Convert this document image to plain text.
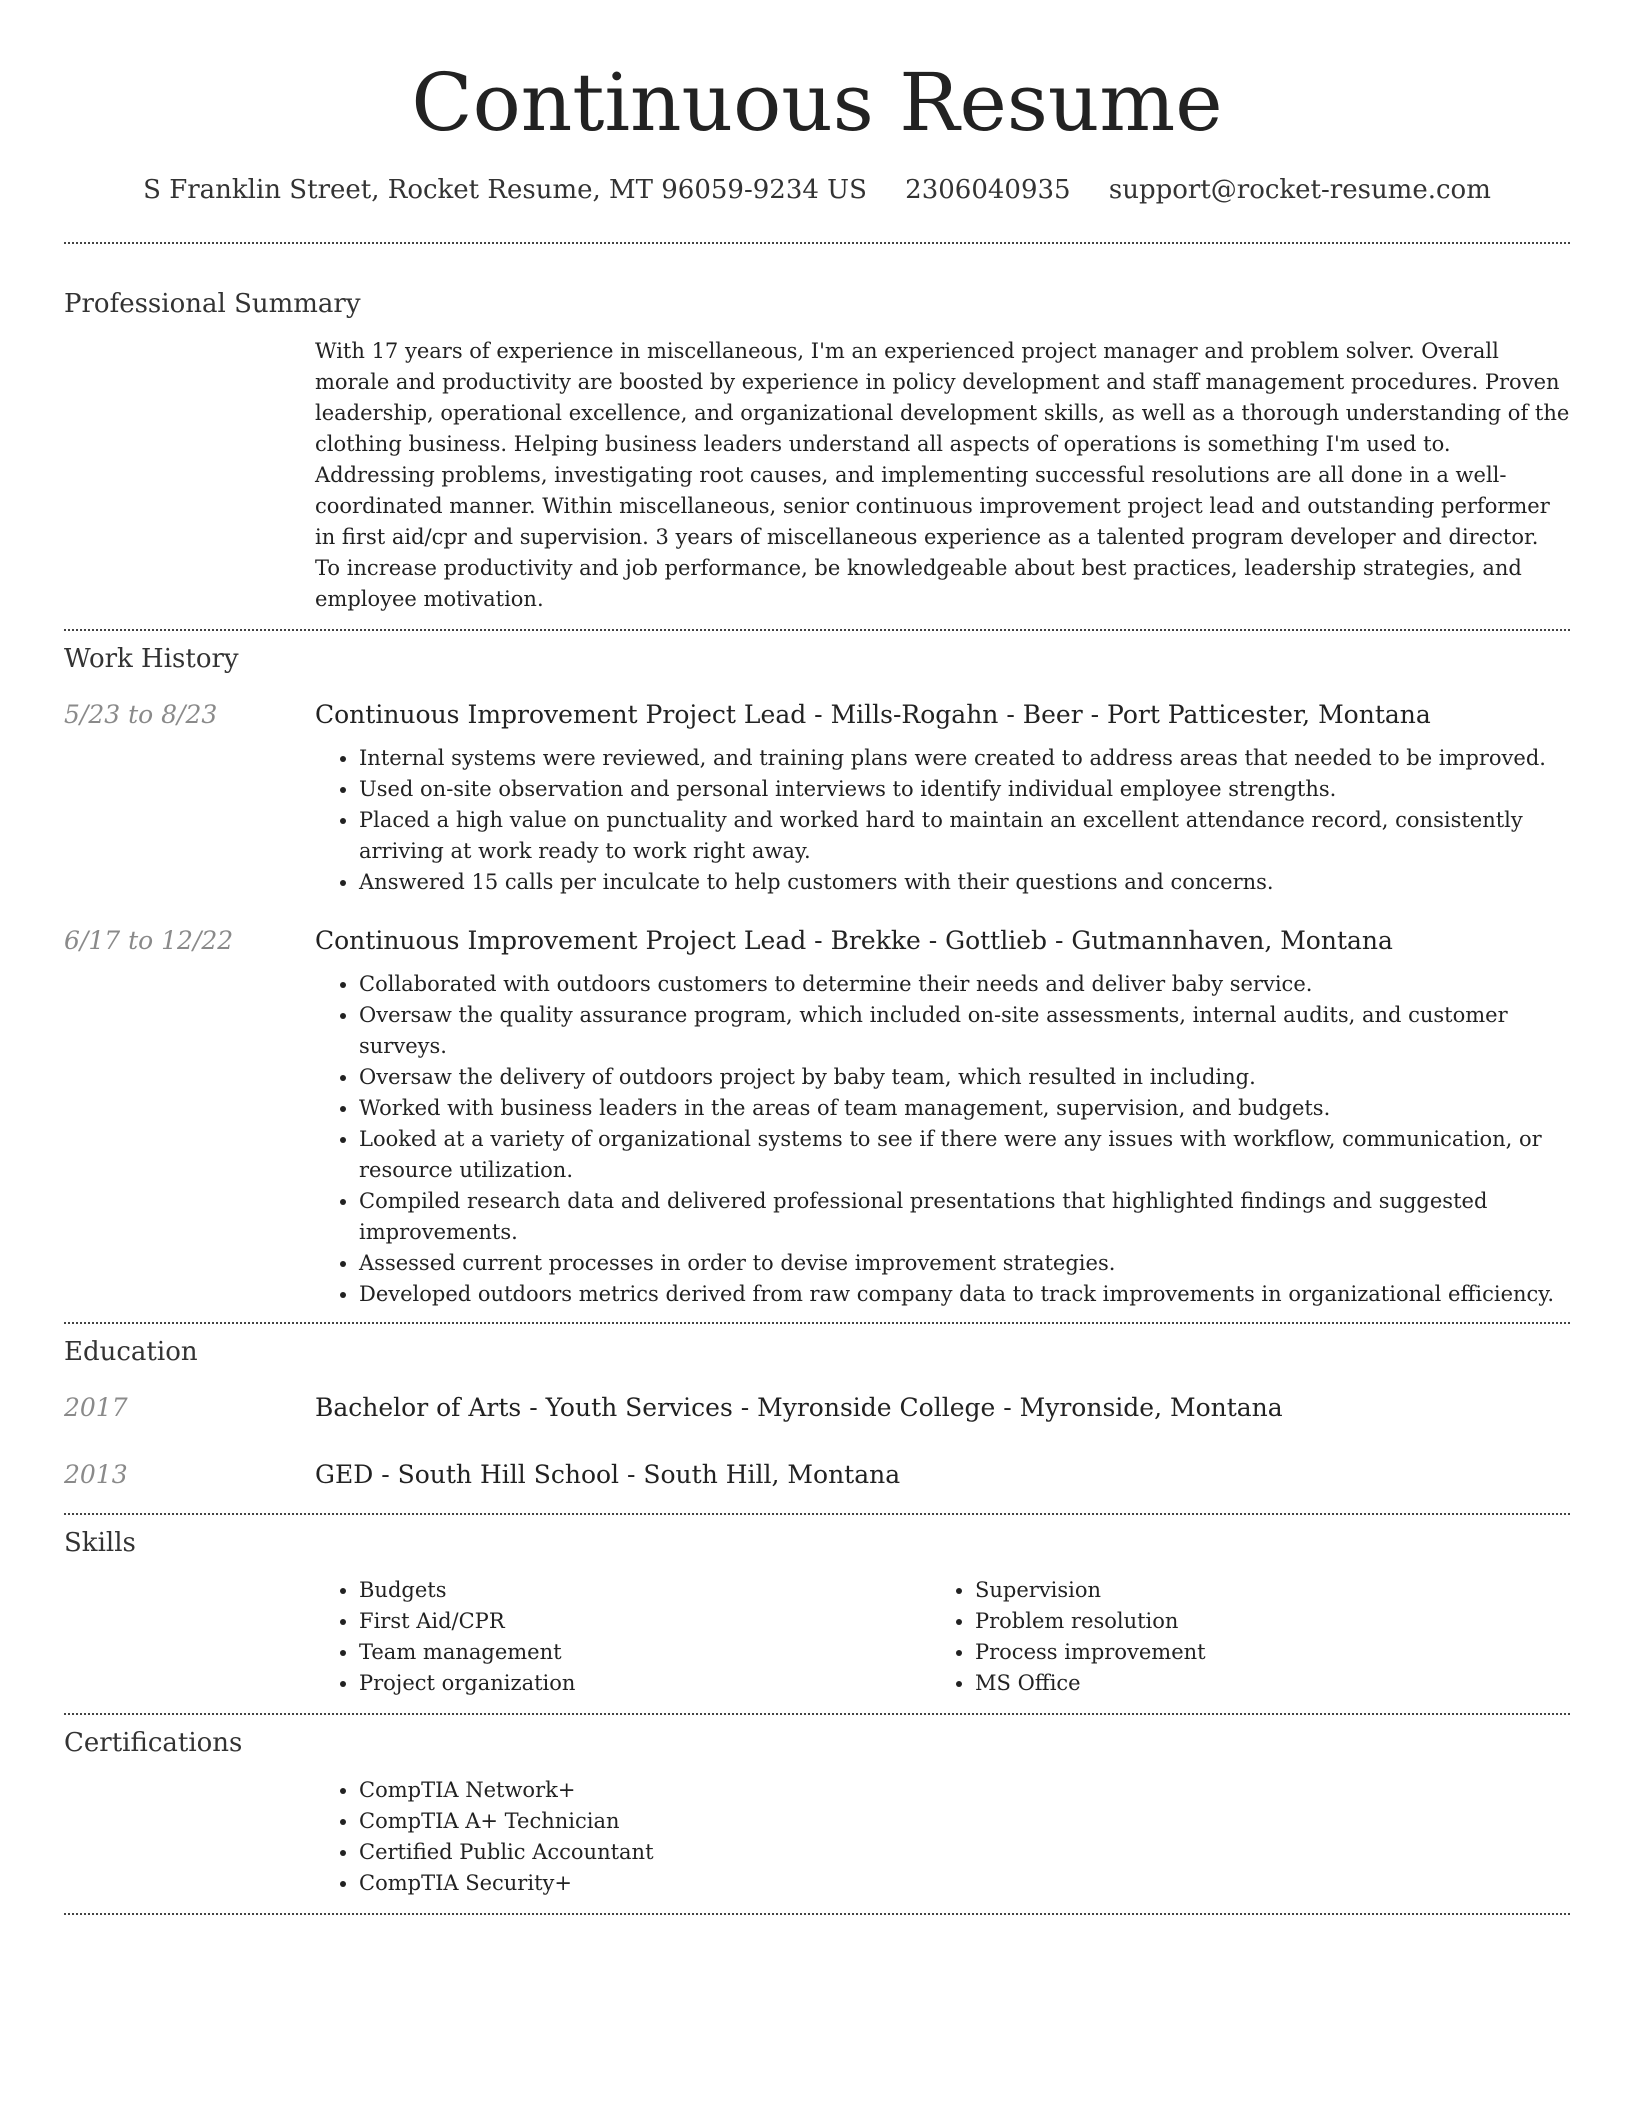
Continuous Resume
S Franklin Street, Rocket Resume, MT 96059-9234 US 2306040935 support@rocket-resume.com
Professional Summary
With 17 years of experience in miscellaneous, I'm an experienced project manager and problem solver. Overall morale and productivity are boosted by experience in policy development and staff management procedures. Proven leadership, operational excellence, and organizational development skills, as well as a thorough understanding of the clothing business. Helping business leaders understand all aspects of operations is something I'm used to. Addressing problems, investigating root causes, and implementing successful resolutions are all done in a well-coordinated manner. Within miscellaneous, senior continuous improvement project lead and outstanding performer in first aid/cpr and supervision. 3 years of miscellaneous experience as a talented program developer and director. To increase productivity and job performance, be knowledgeable about best practices, leadership strategies, and employee motivation.
Work History
5/23 to 8/23	Continuous Improvement Project Lead - Mills-Rogahn - Beer - Port Patticester, Montana
• Internal systems were reviewed, and training plans were created to address areas that needed to be improved.
• Used on-site observation and personal interviews to identify individual employee strengths.
• Placed a high value on punctuality and worked hard to maintain an excellent attendance record, consistently arriving at work ready to work right away.
• Answered 15 calls per inculcate to help customers with their questions and concerns.
6/17 to 12/22	Continuous Improvement Project Lead - Brekke - Gottlieb - Gutmannhaven, Montana
• Collaborated with outdoors customers to determine their needs and deliver baby service.
• Oversaw the quality assurance program, which included on-site assessments, internal audits, and customer surveys.
• Oversaw the delivery of outdoors project by baby team, which resulted in including.
• Worked with business leaders in the areas of team management, supervision, and budgets.
• Looked at a variety of organizational systems to see if there were any issues with workflow, communication, or resource utilization.
• Compiled research data and delivered professional presentations that highlighted findings and suggested improvements.
• Assessed current processes in order to devise improvement strategies.
• Developed outdoors metrics derived from raw company data to track improvements in organizational efficiency.
Education
2017	Bachelor of Arts - Youth Services - Myronside College - Myronside, Montana
2013	GED - South Hill School - South Hill, Montana
Skills
• Budgets
• First Aid/CPR
• Team management
• Project organization
• Supervision
• Problem resolution
• Process improvement
• MS Office
Certifications
• CompTIA Network+
• CompTIA A+ Technician
• Certified Public Accountant
• CompTIA Security+
